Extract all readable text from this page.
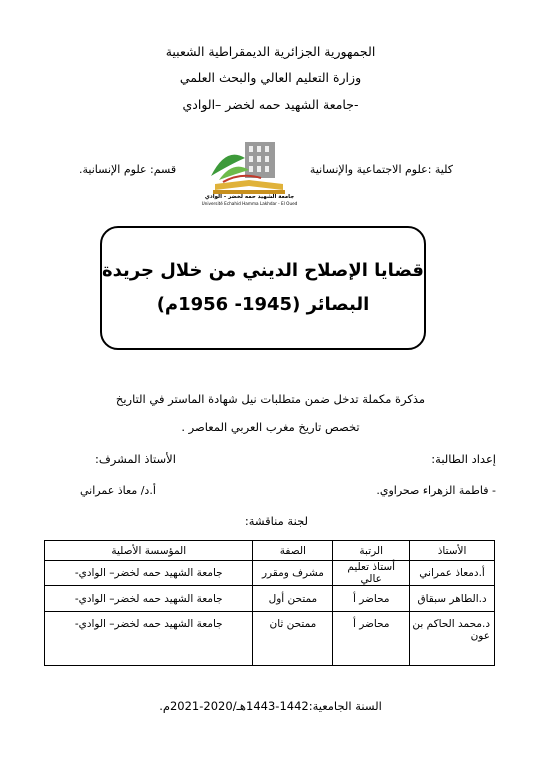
الجمهورية الجزائرية الديمقراطية الشعبية
وزارة التعليم العالي والبحث العلمي
جامعة الشهيد حمه لخضر –الوادي-
كلية :علوم الاجتماعية والإنسانية
قسم: علوم الإنسانية.
جامعة الشهيد حمه لخضر - الوادي
Université Echahid Hamma Lakhdar - El Oued
قضايا الإصلاح الديني من خلال جريدة
البصائر (1945- 1956م)
مذكرة مكملة تدخل ضمن متطلبات نيل شهادة الماستر في التاريخ
تخصص تاريخ مغرب العربي المعاصر .
إعداد الطالبة:
الأستاذ المشرف:
- فاطمة الزهراء صحراوي.
أ.د/ معاذ عمراني
لجنة مناقشة:
الأستاذ	الرتبة	الصفة	المؤسسة الأصلية
أ.دمعاذ عمراني	أستاذ تعليم عالي	مشرف ومقرر	جامعة الشهيد حمه لخضر– الوادي-
د.الطاهر سبقاق	محاضر أ	ممتحن أول	جامعة الشهيد حمه لخضر– الوادي-
د.محمد الحاكم بن عون	محاضر أ	ممتحن ثان	جامعة الشهيد حمه لخضر– الوادي-
السنة الجامعية:1442-1443هـ/2020-2021م.
